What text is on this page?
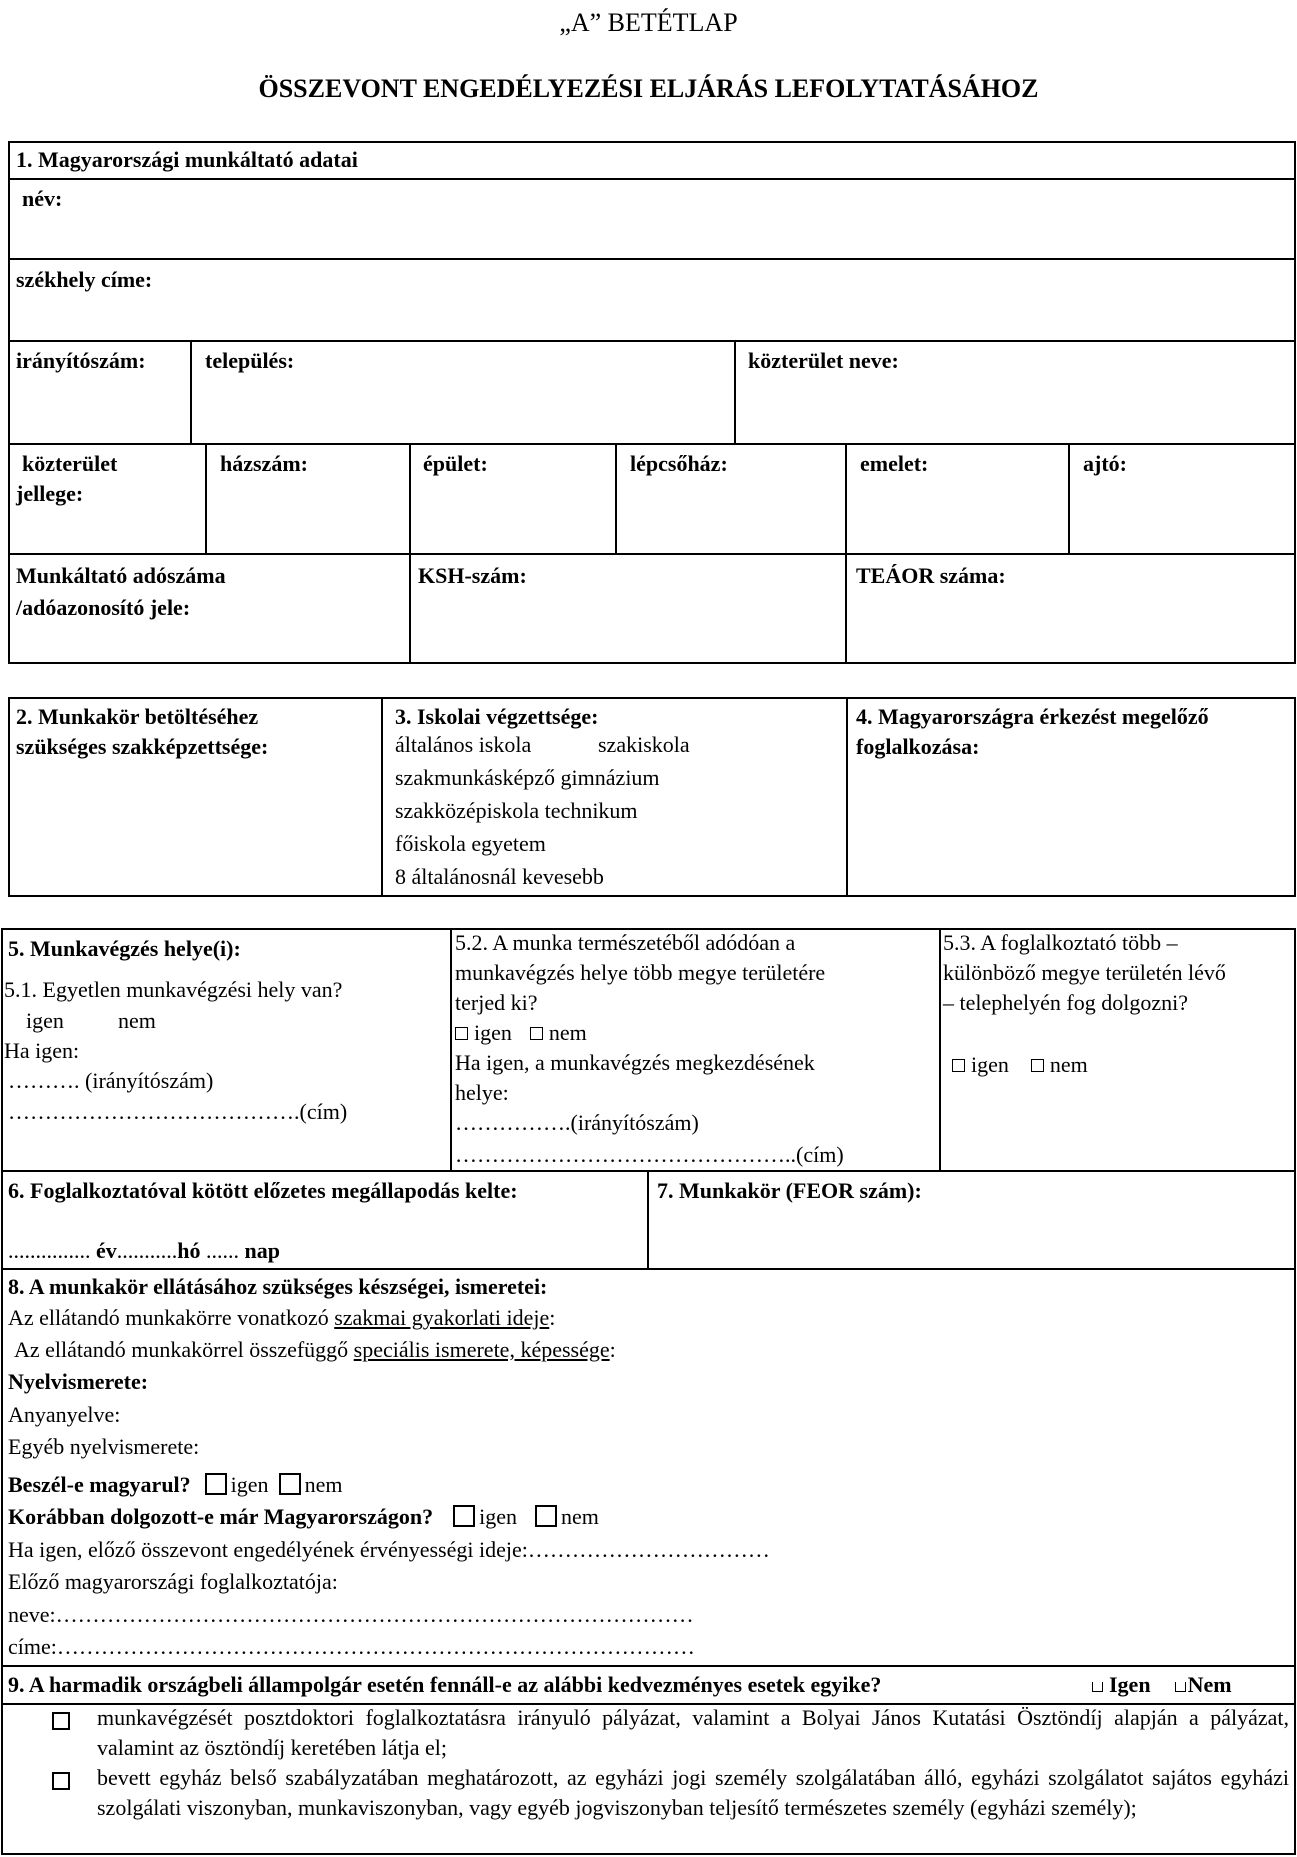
„A” BETÉTLAP
ÖSSZEVONT ENGEDÉLYEZÉSI ELJÁRÁS LEFOLYTATÁSÁHOZ
1. Magyarországi munkáltató adatai
név:
székhely címe:
irányítószám:	település:	közterület neve:
közterület
jellege:
házszám:	épület:	lépcsőház:	emelet:	ajtó:
Munkáltató adószáma
/adóazonosító jele:
KSH-szám:	TEÁOR száma:
2. Munkakör betöltéséhez
szükséges szakképzettsége:
3. Iskolai végzettsége:
általános iskola	szakiskola
szakmunkásképző gimnázium
szakközépiskola technikum
főiskola egyetem
8 általánosnál kevesebb
4. Magyarországra érkezést megelőző
foglalkozása:
5. Munkavégzés helye(i):
5.1. Egyetlen munkavégzési hely van?
igen nem
Ha igen:
………. (irányítószám)
………………………………….(cím)
5.2. A munka természetéből adódóan a
munkavégzés helye több megye területére
terjed ki?
igen nem
Ha igen, a munkavégzés megkezdésének
helye:
…………….(irányítószám)
………………………………………..(cím)
5.3. A foglalkoztató több –
különböző megye területén lévő
– telephelyén fog dolgozni?
igen nem
6. Foglalkoztatóval kötött előzetes megállapodás kelte:
............... év...........hó ...... nap
7. Munkakör (FEOR szám):
8. A munkakör ellátásához szükséges készségei, ismeretei:
Az ellátandó munkakörre vonatkozó szakmai gyakorlati ideje:
Az ellátandó munkakörrel összefüggő speciális ismerete, képessége:
Nyelvismerete:
Anyanyelve:
Egyéb nyelvismerete:
Beszél-e magyarul? igen nem
Korábban dolgozott-e már Magyarországon? igen nem
Ha igen, előző összevont engedélyének érvényességi ideje:……………………………
Előző magyarországi foglalkoztatója:
neve:……………………………………………………………………………
címe:……………………………………………………………………………
9. A harmadik országbeli állampolgár esetén fennáll-e az alábbi kedvezményes esetek egyike?	Igen Nem
munkavégzését posztdoktori foglalkoztatásra irányuló pályázat, valamint a Bolyai János Kutatási Ösztöndíj alapján a pályázat, valamint az ösztöndíj keretében látja el;
bevett egyház belső szabályzatában meghatározott, az egyházi jogi személy szolgálatában álló, egyházi szolgálatot sajátos egyházi szolgálati viszonyban, munkaviszonyban, vagy egyéb jogviszonyban teljesítő természetes személy (egyházi személy);
